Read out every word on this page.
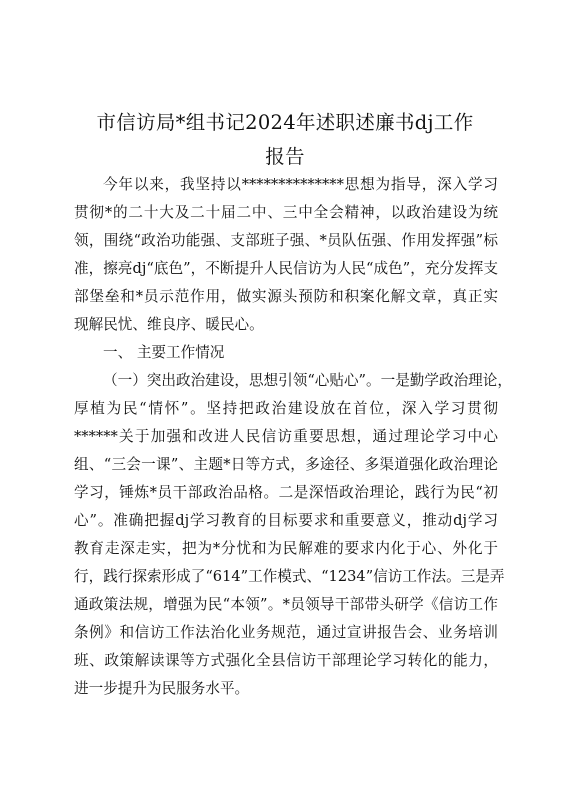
市信访局*组书记2024年述职述廉书dj工作
报告
今年以来，我坚持以**************思想为指导，深入学习
贯彻*的二十大及二十届二中、三中全会精神，以政治建设为统
领，围绕“政治功能强、支部班子强、*员队伍强、作用发挥强”标
准，擦亮dj“底色”，不断提升人民信访为人民“成色”，充分发挥支
部堡垒和*员示范作用，做实源头预防和积案化解文章，真正实
现解民忧、维良序、暖民心。
一、 主要工作情况
（一）突出政治建设，思想引领“心贴心”。一是勤学政治理论，
厚植为民“情怀”。坚持把政治建设放在首位，深入学习贯彻
******关于加强和改进人民信访重要思想，通过理论学习中心
组、“三会一课”、主题*日等方式，多途径、多渠道强化政治理论
学习，锤炼*员干部政治品格。二是深悟政治理论，践行为民“初
心”。准确把握dj学习教育的目标要求和重要意义，推动dj学习
教育走深走实，把为*分忧和为民解难的要求内化于心、外化于
行，践行探索形成了“614”工作模式、“1234”信访工作法。三是弄
通政策法规，增强为民“本领”。*员领导干部带头研学《信访工作
条例》和信访工作法治化业务规范，通过宣讲报告会、业务培训
班、政策解读课等方式强化全县信访干部理论学习转化的能力，
进一步提升为民服务水平。
